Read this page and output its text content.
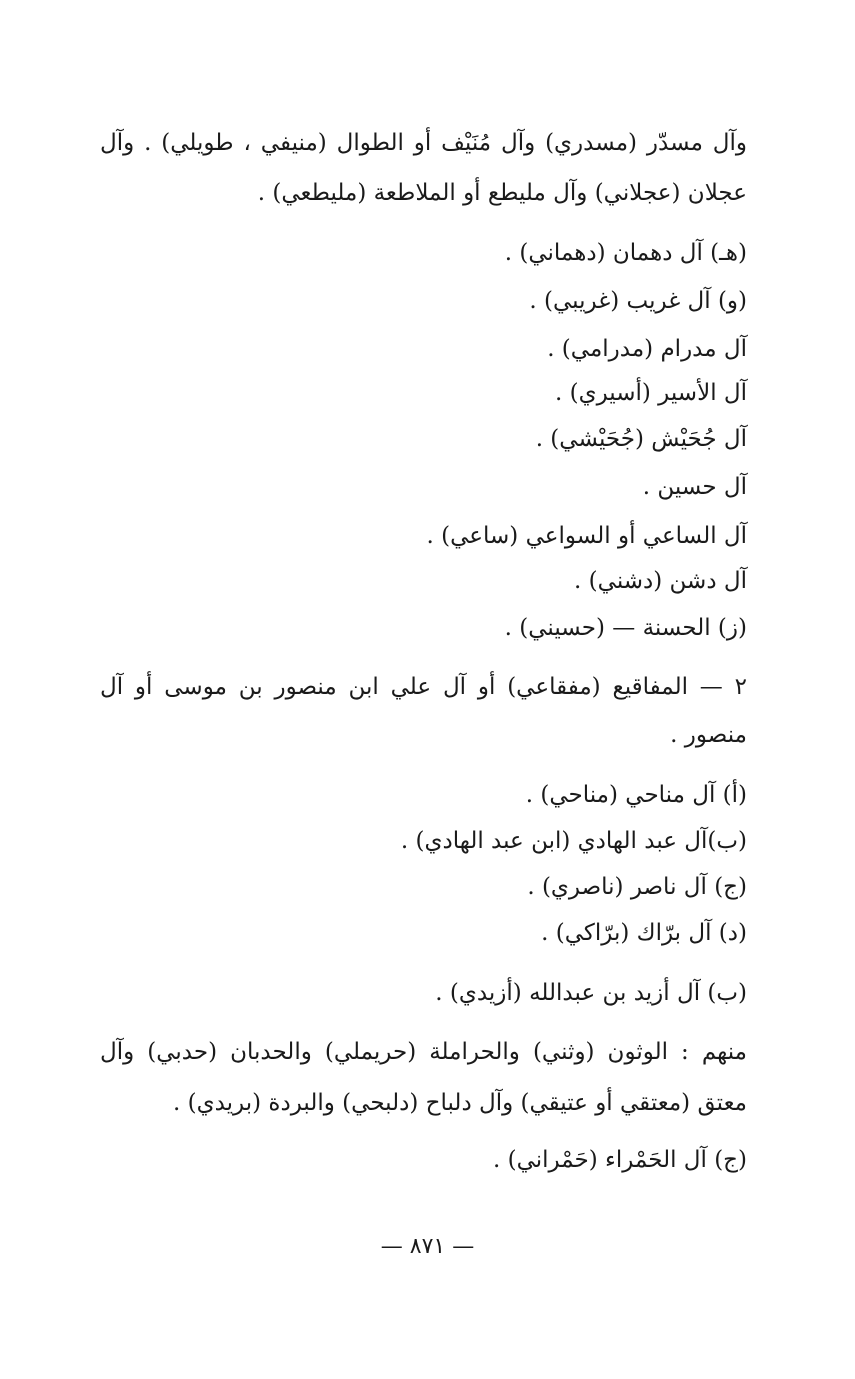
وآل مسدّر (مسدري) وآل مُنَيْف أو الطوال (منيفي ، طويلي) . وآل
عجلان (عجلاني) وآل مليطع أو الملاطعة (مليطعي) .
(هـ) آل دهمان (دهماني) .
(و) آل غريب (غريبي) .
آل مدرام (مدرامي) .
آل الأسير (أسيري) .
آل جُحَيْش (جُحَيْشي) .
آل حسين .
آل الساعي أو السواعي (ساعي) .
آل دشن (دشني) .
(ز) الحسنة — (حسيني) .
٢ — المفاقيع (مفقاعي) أو آل علي ابن منصور بن موسى أو آل
منصور .
(أ) آل مناحي (مناحي) .
(ب)آل عبد الهادي (ابن عبد الهادي) .
(ج) آل ناصر (ناصري) .
(د) آل برّاك (برّاكي) .
(ب) آل أزيد بن عبدالله (أزيدي) .
منهم : الوثون (وثني) والحراملة (حريملي) والحدبان (حدبي) وآل
معتق (معتقي أو عتيقي) وآل دلباح (دلبحي) والبردة (بريدي) .
(ج) آل الحَمْراء (حَمْراني) .
— ٨٧١ —
